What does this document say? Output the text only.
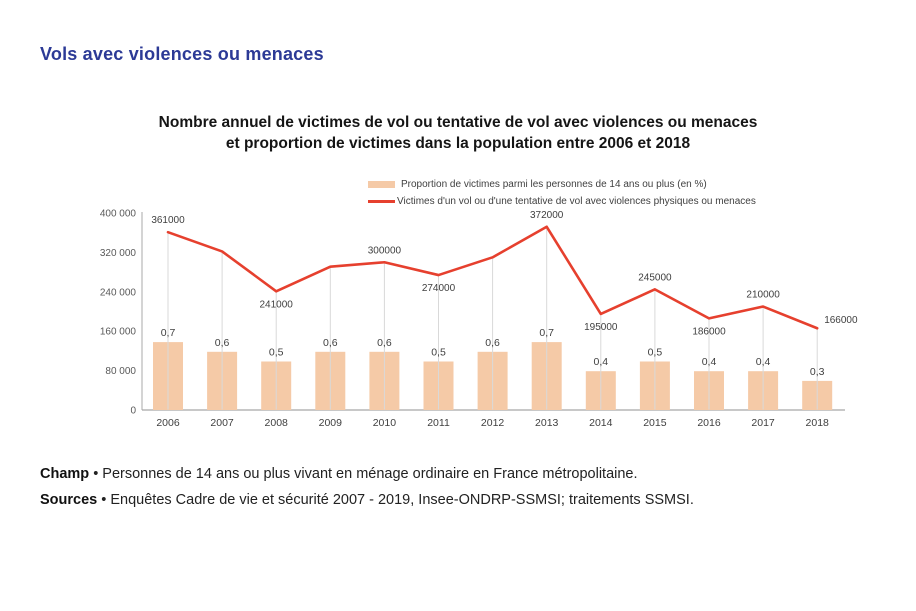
Vols avec violences ou menaces
Nombre annuel de victimes de vol ou tentative de vol avec violences ou menaces
et proportion de victimes dans la population entre 2006 et 2018
Proportion de victimes parmi les personnes de 14 ans ou plus (en %)
Victimes d'un vol ou d'une tentative de vol avec violences physiques ou menaces
0
80 000
160 000
240 000
320 000
400 000
0,7
0,6
0,5
0,6	0,6
0,5
0,6
0,7
0,4
0,5
0,4	0,4
0,3
361000
241000
300000
274000
372000
195000
245000
186000
210000
166000
2006	2007	2008	2009	2010	2011	2012	2013	2014	2015	2016	2017	2018
Champ • Personnes de 14 ans ou plus vivant en ménage ordinaire en France métropolitaine.
Sources • Enquêtes Cadre de vie et sécurité 2007 - 2019, Insee-ONDRP-SSMSI; traitements SSMSI.
